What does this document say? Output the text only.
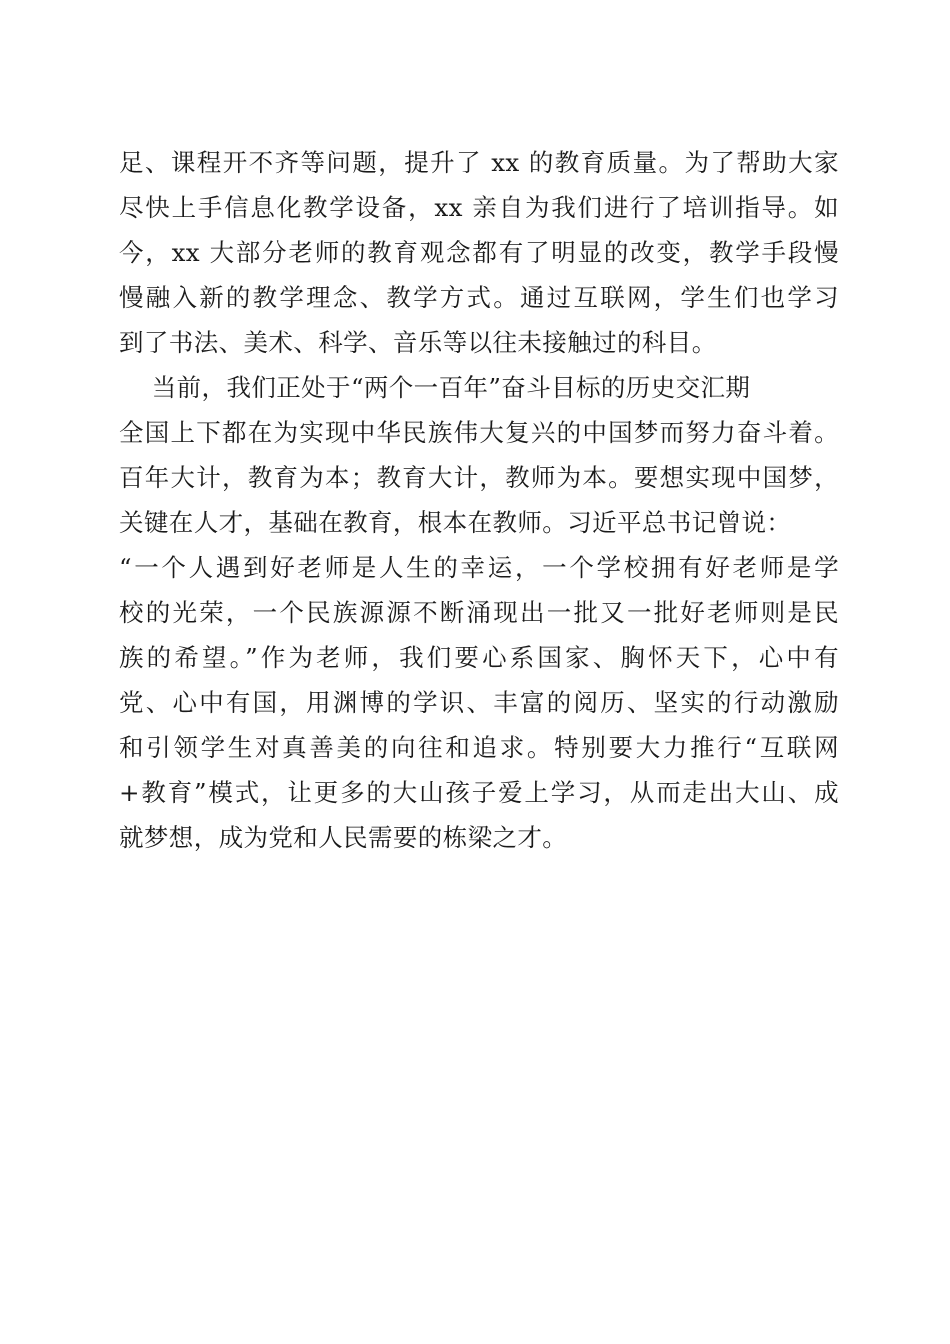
足、课程开不齐等问题，提升了 xx 的教育质量。为了帮助大家
尽快上手信息化教学设备，xx 亲自为我们进行了培训指导。如
今，xx 大部分老师的教育观念都有了明显的改变，教学手段慢
慢融入新的教学理念、教学方式。通过互联网，学生们也学习
到了书法、美术、科学、音乐等以往未接触过的科目。
当前，我们正处于“两个一百年”奋斗目标的历史交汇期
全国上下都在为实现中华民族伟大复兴的中国梦而努力奋斗着。
百年大计，教育为本；教育大计，教师为本。要想实现中国梦，
关键在人才，基础在教育，根本在教师。习近平总书记曾说：
“一个人遇到好老师是人生的幸运，一个学校拥有好老师是学
校的光荣，一个民族源源不断涌现出一批又一批好老师则是民
族的希望。”作为老师，我们要心系国家、胸怀天下，心中有
党、心中有国，用渊博的学识、丰富的阅历、坚实的行动激励
和引领学生对真善美的向往和追求。特别要大力推行“互联网
+教育”模式，让更多的大山孩子爱上学习，从而走出大山、成
就梦想，成为党和人民需要的栋梁之才。
